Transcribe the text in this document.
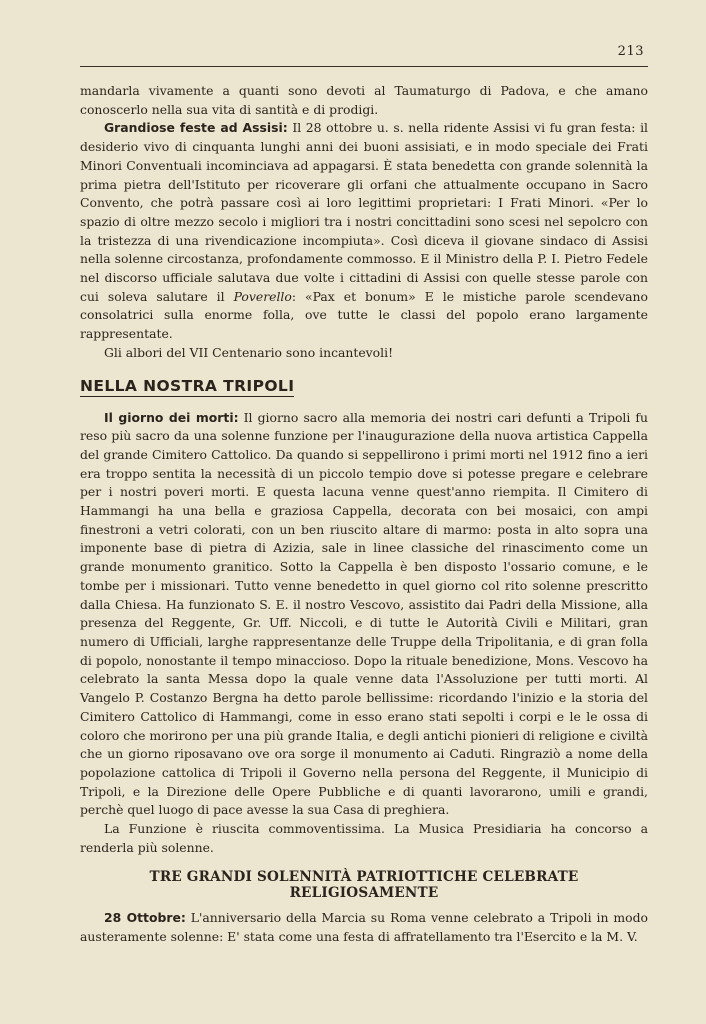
213

mandarla vivamente a quanti sono devoti al Taumaturgo di Padova, e che amano conoscerlo nella sua vita di santità e di prodigi.

Grandiose feste ad Assisi: Il 28 ottobre u. s. nella ridente Assisi vi fu gran festa: il desiderio vivo di cinquanta lunghi anni dei buoni assisiati, e in modo speciale dei Frati Minori Conventuali incominciava ad appagarsi. È stata benedetta con grande solennità la prima pietra dell'Istituto per ricoverare gli orfani che attualmente occupano in Sacro Convento, che potrà passare così ai loro legittimi proprietari: I Frati Minori. «Per lo spazio di oltre mezzo secolo i migliori tra i nostri concittadini sono scesi nel sepolcro con la tristezza di una rivendicazione incompiuta». Così diceva il giovane sindaco di Assisi nella solenne circostanza, profondamente commosso. E il Ministro della P. I. Pietro Fedele nel discorso ufficiale salutava due volte i cittadini di Assisi con quelle stesse parole con cui soleva salutare il Poverello: «Pax et bonum» E le mistiche parole scendevano consolatrici sulla enorme folla, ove tutte le classi del popolo erano largamente rappresentate.

Gli albori del VII Centenario sono incantevoli!

NELLA NOSTRA TRIPOLI

Il giorno dei morti: Il giorno sacro alla memoria dei nostri cari defunti a Tripoli fu reso più sacro da una solenne funzione per l'inaugurazione della nuova artistica Cappella del grande Cimitero Cattolico. Da quando si seppellirono i primi morti nel 1912 fino a ieri era troppo sentita la necessità di un piccolo tempio dove si potesse pregare e celebrare per i nostri poveri morti. E questa lacuna venne quest'anno riempita. Il Cimitero di Hammangi ha una bella e graziosa Cappella, decorata con bei mosaici, con ampi finestroni a vetri colorati, con un ben riuscito altare di marmo: posta in alto sopra una imponente base di pietra di Azizia, sale in linee classiche del rinascimento come un grande monumento granitico. Sotto la Cappella è ben disposto l'ossario comune, e le tombe per i missionari. Tutto venne benedetto in quel giorno col rito solenne prescritto dalla Chiesa. Ha funzionato S. E. il nostro Vescovo, assistito dai Padri della Missione, alla presenza del Reggente, Gr. Uff. Niccoli, e di tutte le Autorità Civili e Militari, gran numero di Ufficiali, larghe rappresentanze delle Truppe della Tripolitania, e di gran folla di popolo, nonostante il tempo minaccioso. Dopo la rituale benedizione, Mons. Vescovo ha celebrato la santa Messa dopo la quale venne data l'Assoluzione per tutti morti. Al Vangelo P. Costanzo Bergna ha detto parole bellissime: ricordando l'inizio e la storia del Cimitero Cattolico di Hammangi, come in esso erano stati sepolti i corpi e le le ossa di coloro che morirono per una più grande Italia, e degli antichi pionieri di religione e civiltà che un giorno riposavano ove ora sorge il monumento ai Caduti. Ringraziò a nome della popolazione cattolica di Tripoli il Governo nella persona del Reggente, il Municipio di Tripoli, e la Direzione delle Opere Pubbliche e di quanti lavorarono, umili e grandi, perchè quel luogo di pace avesse la sua Casa di preghiera.

La Funzione è riuscita commoventissima. La Musica Presidiaria ha concorso a renderla più solenne.

TRE GRANDI SOLENNITÀ PATRIOTTICHE CELEBRATE RELIGIOSAMENTE

28 Ottobre: L'anniversario della Marcia su Roma venne celebrato a Tripoli in modo austeramente solenne: E' stata come una festa di affratellamento tra l'Esercito e la M. V.
